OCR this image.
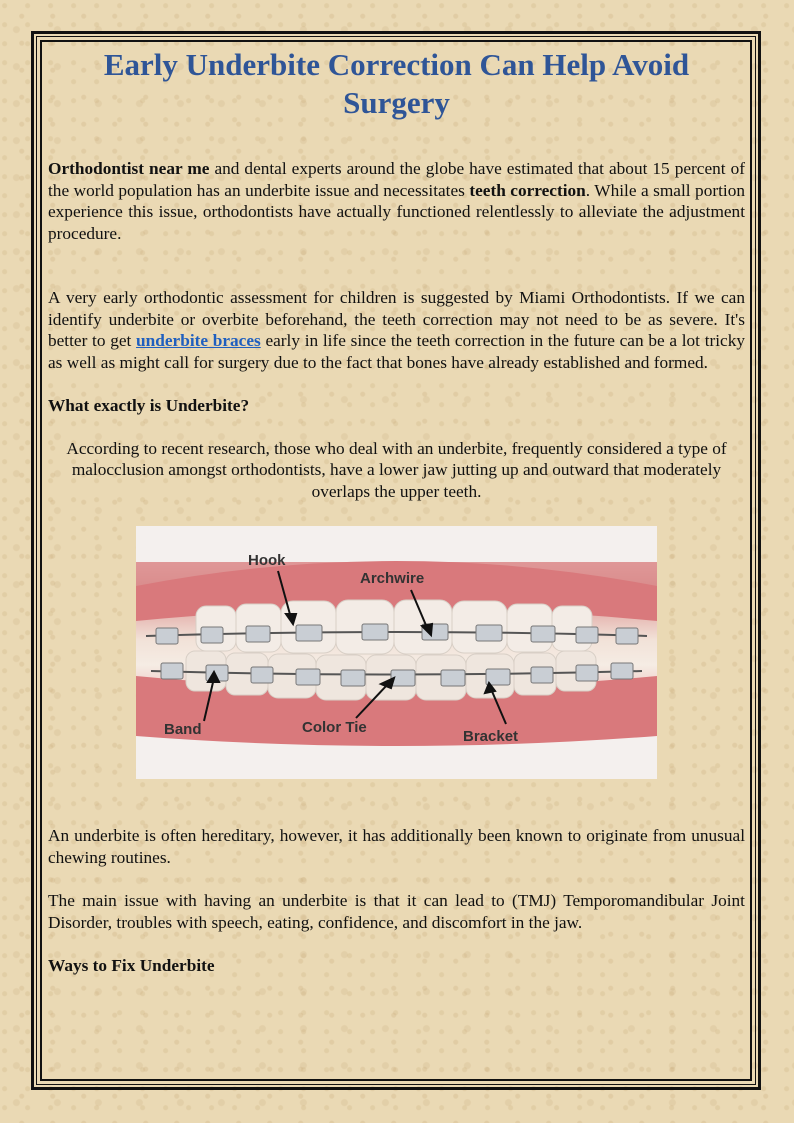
Early Underbite Correction Can Help Avoid Surgery

Orthodontist near me and dental experts around the globe have estimated that about 15 percent of the world population has an underbite issue and necessitates teeth correction. While a small portion experience this issue, orthodontists have actually functioned relentlessly to alleviate the adjustment procedure.

A very early orthodontic assessment for children is suggested by Miami Orthodontists. If we can identify underbite or overbite beforehand, the teeth correction may not need to be as severe. It's better to get underbite braces early in life since the teeth correction in the future can be a lot tricky as well as might call for surgery due to the fact that bones have already established and formed.

What exactly is Underbite?

According to recent research, those who deal with an underbite, frequently considered a type of malocclusion amongst orthodontists, have a lower jaw jutting up and outward that moderately overlaps the upper teeth.

Hook
Archwire
Band	Color Tie
Bracket

An underbite is often hereditary, however, it has additionally been known to originate from unusual chewing routines.

The main issue with having an underbite is that it can lead to (TMJ) Temporomandibular Joint Disorder, troubles with speech, eating, confidence, and discomfort in the jaw.

Ways to Fix Underbite
